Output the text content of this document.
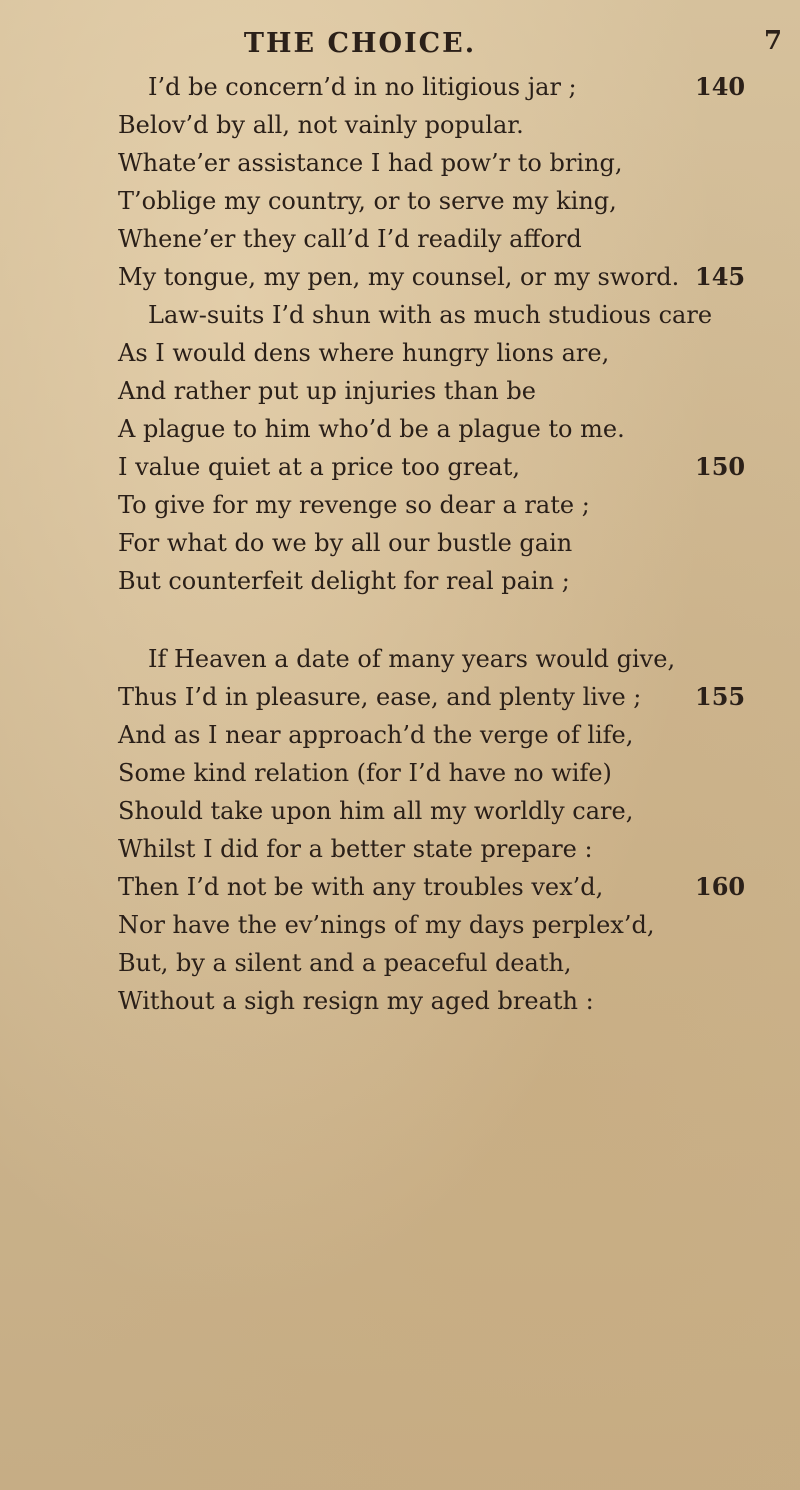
THE CHOICE.	7
I’d be concern’d in no litigious jar ;
Belov’d by all, not vainly popular.
Whate’er assistance I had pow’r to bring,
T’oblige my country, or to serve my king,
Whene’er they call’d I’d readily afford
My tongue, my pen, my counsel, or my sword.
Law-suits I’d shun with as much studious care
As I would dens where hungry lions are,
And rather put up injuries than be
A plague to him who’d be a plague to me.
I value quiet at a price too great,
To give for my revenge so dear a rate ;
For what do we by all our bustle gain
But counterfeit delight for real pain ;
If Heaven a date of many years would give,
Thus I’d in pleasure, ease, and plenty live ;
And as I near approach’d the verge of life,
Some kind relation (for I’d have no wife)
Should take upon him all my worldly care,
Whilst I did for a better state prepare :
Then I’d not be with any troubles vex’d,
Nor have the ev’nings of my days perplex’d,
But, by a silent and a peaceful death,
Without a sigh resign my aged breath :
140
145
150
155
160
